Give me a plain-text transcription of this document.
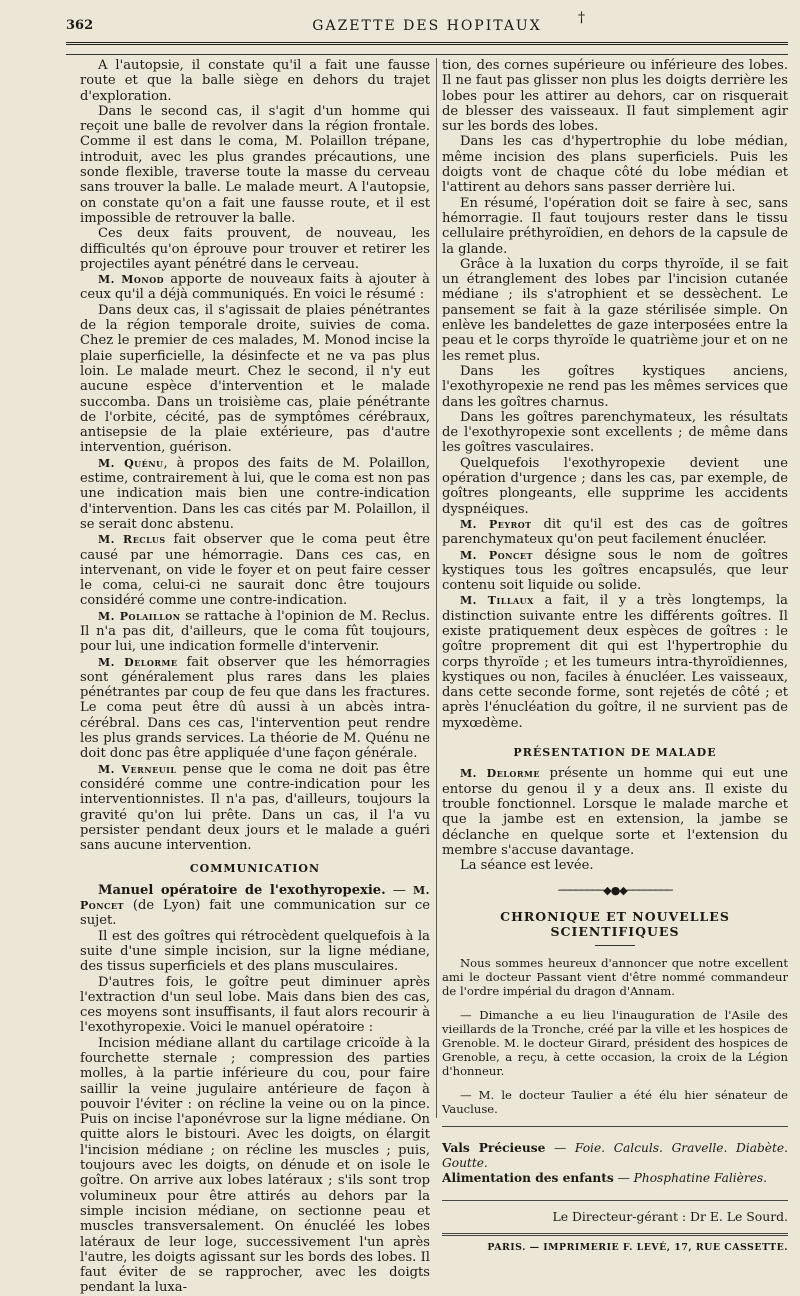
362	GAZETTE DES HOPITAUX	†

A l'autopsie, il constate qu'il a fait une fausse route et que la balle siège en dehors du trajet d'exploration.

Dans le second cas, il s'agit d'un homme qui reçoit une balle de revolver dans la région frontale. Comme il est dans le coma, M. Polaillon trépane, introduit, avec les plus grandes précautions, une sonde flexible, traverse toute la masse du cerveau sans trouver la balle. Le malade meurt. A l'autopsie, on constate qu'on a fait une fausse route, et il est impossible de retrouver la balle.

Ces deux faits prouvent, de nouveau, les difficultés qu'on éprouve pour trouver et retirer les projectiles ayant pénétré dans le cerveau.

M. Monod apporte de nouveaux faits à ajouter à ceux qu'il a déjà communiqués. En voici le résumé :

Dans deux cas, il s'agissait de plaies pénétrantes de la région temporale droite, suivies de coma. Chez le premier de ces malades, M. Monod incise la plaie superficielle, la désinfecte et ne va pas plus loin. Le malade meurt. Chez le second, il n'y eut aucune espèce d'intervention et le malade succomba. Dans un troisième cas, plaie pénétrante de l'orbite, cécité, pas de symptômes cérébraux, antisepsie de la plaie extérieure, pas d'autre intervention, guérison.

M. Quénu, à propos des faits de M. Polaillon, estime, contrairement à lui, que le coma est non pas une indication mais bien une contre-indication d'intervention. Dans les cas cités par M. Polaillon, il se serait donc abstenu.

M. Reclus fait observer que le coma peut être causé par une hémorragie. Dans ces cas, en intervenant, on vide le foyer et on peut faire cesser le coma, celui-ci ne saurait donc être toujours considéré comme une contre-indication.

M. Polaillon se rattache à l'opinion de M. Reclus. Il n'a pas dit, d'ailleurs, que le coma fût toujours, pour lui, une indication formelle d'intervenir.

M. Delorme fait observer que les hémorragies sont généralement plus rares dans les plaies pénétrantes par coup de feu que dans les fractures. Le coma peut être dû aussi à un abcès intra-cérébral. Dans ces cas, l'intervention peut rendre les plus grands services. La théorie de M. Quénu ne doit donc pas être appliquée d'une façon générale.

M. Verneuil pense que le coma ne doit pas être considéré comme une contre-indication pour les interventionnistes. Il n'a pas, d'ailleurs, toujours la gravité qu'on lui prête. Dans un cas, il l'a vu persister pendant deux jours et le malade a guéri sans aucune intervention.

COMMUNICATION

Manuel opératoire de l'exothyropexie. — M. Poncet (de Lyon) fait une communication sur ce sujet.

Il est des goîtres qui rétrocèdent quelquefois à la suite d'une simple incision, sur la ligne médiane, des tissus superficiels et des plans musculaires.

D'autres fois, le goître peut diminuer après l'extraction d'un seul lobe. Mais dans bien des cas, ces moyens sont insuffisants, il faut alors recourir à l'exothyropexie. Voici le manuel opératoire :

Incision médiane allant du cartilage cricoïde à la fourchette sternale ; compression des parties molles, à la partie inférieure du cou, pour faire saillir la veine jugulaire antérieure de façon à pouvoir l'éviter : on récline la veine ou on la pince. Puis on incise l'aponévrose sur la ligne médiane. On quitte alors le bistouri. Avec les doigts, on élargit l'incision médiane ; on récline les muscles ; puis, toujours avec les doigts, on dénude et on isole le goître. On arrive aux lobes latéraux ; s'ils sont trop volumineux pour être attirés au dehors par la simple incision médiane, on sectionne peau et muscles transversalement. On énucléé les lobes latéraux de leur loge, successivement l'un après l'autre, les doigts agissant sur les bords des lobes. Il faut éviter de se rapprocher, avec les doigts pendant la luxa-

tion, des cornes supérieure ou inférieure des lobes. Il ne faut pas glisser non plus les doigts derrière les lobes pour les attirer au dehors, car on risquerait de blesser des vaisseaux. Il faut simplement agir sur les bords des lobes.

Dans les cas d'hypertrophie du lobe médian, même incision des plans superficiels. Puis les doigts vont de chaque côté du lobe médian et l'attirent au dehors sans passer derrière lui.

En résumé, l'opération doit se faire à sec, sans hémorragie. Il faut toujours rester dans le tissu cellulaire préthyroïdien, en dehors de la capsule de la glande.

Grâce à la luxation du corps thyroïde, il se fait un étranglement des lobes par l'incision cutanée médiane ; ils s'atrophient et se dessèchent. Le pansement se fait à la gaze stérilisée simple. On enlève les bandelettes de gaze interposées entre la peau et le corps thyroïde le quatrième jour et on ne les remet plus.

Dans les goîtres kystiques anciens, l'exothyropexie ne rend pas les mêmes services que dans les goîtres charnus.

Dans les goîtres parenchymateux, les résultats de l'exothyropexie sont excellents ; de même dans les goîtres vasculaires.

Quelquefois l'exothyropexie devient une opération d'urgence ; dans les cas, par exemple, de goîtres plongeants, elle supprime les accidents dyspnéiques.

M. Peyrot dit qu'il est des cas de goîtres parenchymateux qu'on peut facilement énucléer.

M. Poncet désigne sous le nom de goîtres kystiques tous les goîtres encapsulés, que leur contenu soit liquide ou solide.

M. Tillaux a fait, il y a très longtemps, la distinction suivante entre les différents goîtres. Il existe pratiquement deux espèces de goîtres : le goître proprement dit qui est l'hypertrophie du corps thyroïde ; et les tumeurs intra-thyroïdiennes, kystiques ou non, faciles à énucléer. Les vaisseaux, dans cette seconde forme, sont rejetés de côté ; et après l'énucléation du goître, il ne survient pas de myxœdème.

PRÉSENTATION DE MALADE

M. Delorme présente un homme qui eut une entorse du genou il y a deux ans. Il existe du trouble fonctionnel. Lorsque le malade marche et que la jambe est en extension, la jambe se déclanche en quelque sorte et l'extension du membre s'accuse davantage.

La séance est levée.

────────◆●◆────────
CHRONIQUE ET NOUVELLES SCIENTIFIQUES

Nous sommes heureux d'annoncer que notre excellent ami le docteur Passant vient d'être nommé commandeur de l'ordre impérial du dragon d'Annam.

— Dimanche a eu lieu l'inauguration de l'Asile des vieillards de la Tronche, créé par la ville et les hospices de Grenoble. M. le docteur Girard, président des hospices de Grenoble, a reçu, à cette occasion, la croix de la Légion d'honneur.

— M. le docteur Taulier a été élu hier sénateur de Vaucluse.

Vals Précieuse — Foie. Calculs. Gravelle. Diabète. Goutte.
Alimentation des enfants — Phosphatine Falières.
Le Directeur-gérant : Dr E. Le Sourd.
PARIS. — IMPRIMERIE F. LEVÉ, 17, RUE CASSETTE.
